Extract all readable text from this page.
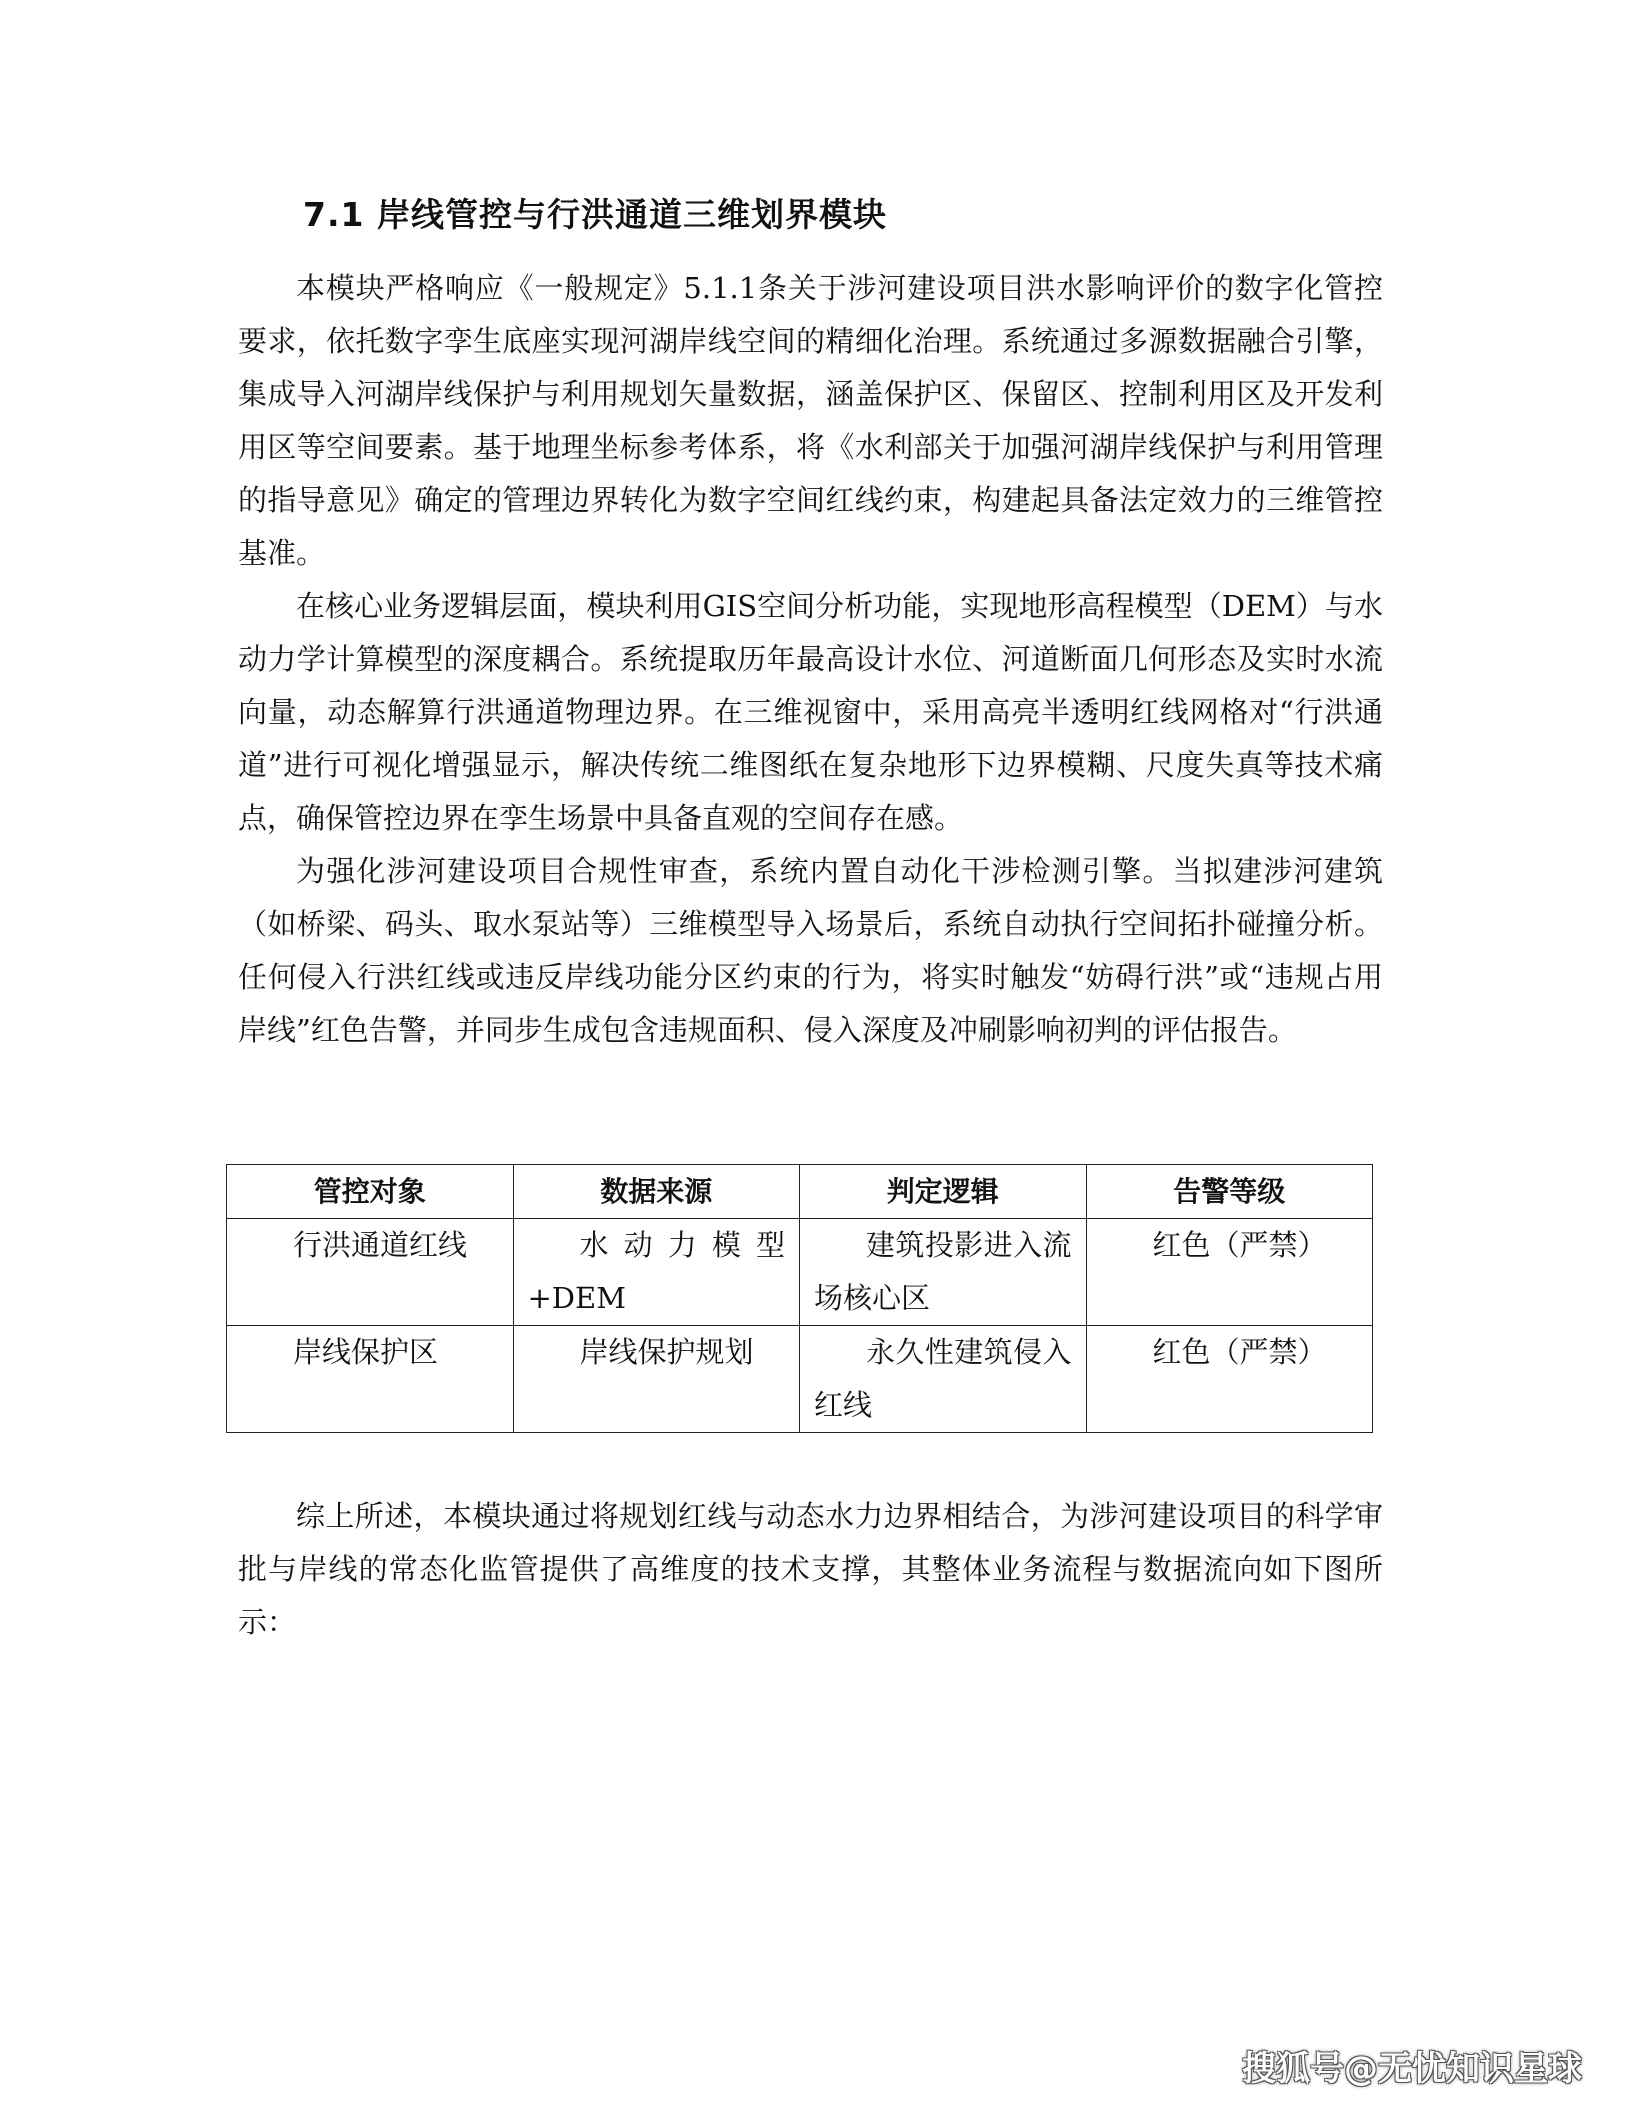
7.1 岸线管控与行洪通道三维划界模块

本模块严格响应《一般规定》5.1.1条关于涉河建设项目洪水影响评价的数字化管控要求，依托数字孪生底座实现河湖岸线空间的精细化治理。系统通过多源数据融合引擎，集成导入河湖岸线保护与利用规划矢量数据，涵盖保护区、保留区、控制利用区及开发利用区等空间要素。基于地理坐标参考体系，将《水利部关于加强河湖岸线保护与利用管理的指导意见》确定的管理边界转化为数字空间红线约束，构建起具备法定效力的三维管控基准。

在核心业务逻辑层面，模块利用GIS空间分析功能，实现地形高程模型（DEM）与水动力学计算模型的深度耦合。系统提取历年最高设计水位、河道断面几何形态及实时水流向量，动态解算行洪通道物理边界。在三维视窗中，采用高亮半透明红线网格对“行洪通道”进行可视化增强显示，解决传统二维图纸在复杂地形下边界模糊、尺度失真等技术痛点，确保管控边界在孪生场景中具备直观的空间存在感。

为强化涉河建设项目合规性审查，系统内置自动化干涉检测引擎。当拟建涉河建筑（如桥梁、码头、取水泵站等）三维模型导入场景后，系统自动执行空间拓扑碰撞分析。任何侵入行洪红线或违反岸线功能分区约束的行为，将实时触发“妨碍行洪”或“违规占用岸线”红色告警，并同步生成包含违规面积、侵入深度及冲刷影响初判的评估报告。

管控对象	数据来源	判定逻辑	告警等级
行洪通道红线	水 动 力 模 型 +DEM	建筑投影进入流场核心区	红色（严禁）
岸线保护区	岸线保护规划	永久性建筑侵入红线	红色（严禁）

综上所述，本模块通过将规划红线与动态水力边界相结合，为涉河建设项目的科学审批与岸线的常态化监管提供了高维度的技术支撑，其整体业务流程与数据流向如下图所示：

搜狐号@无忧知识星球
